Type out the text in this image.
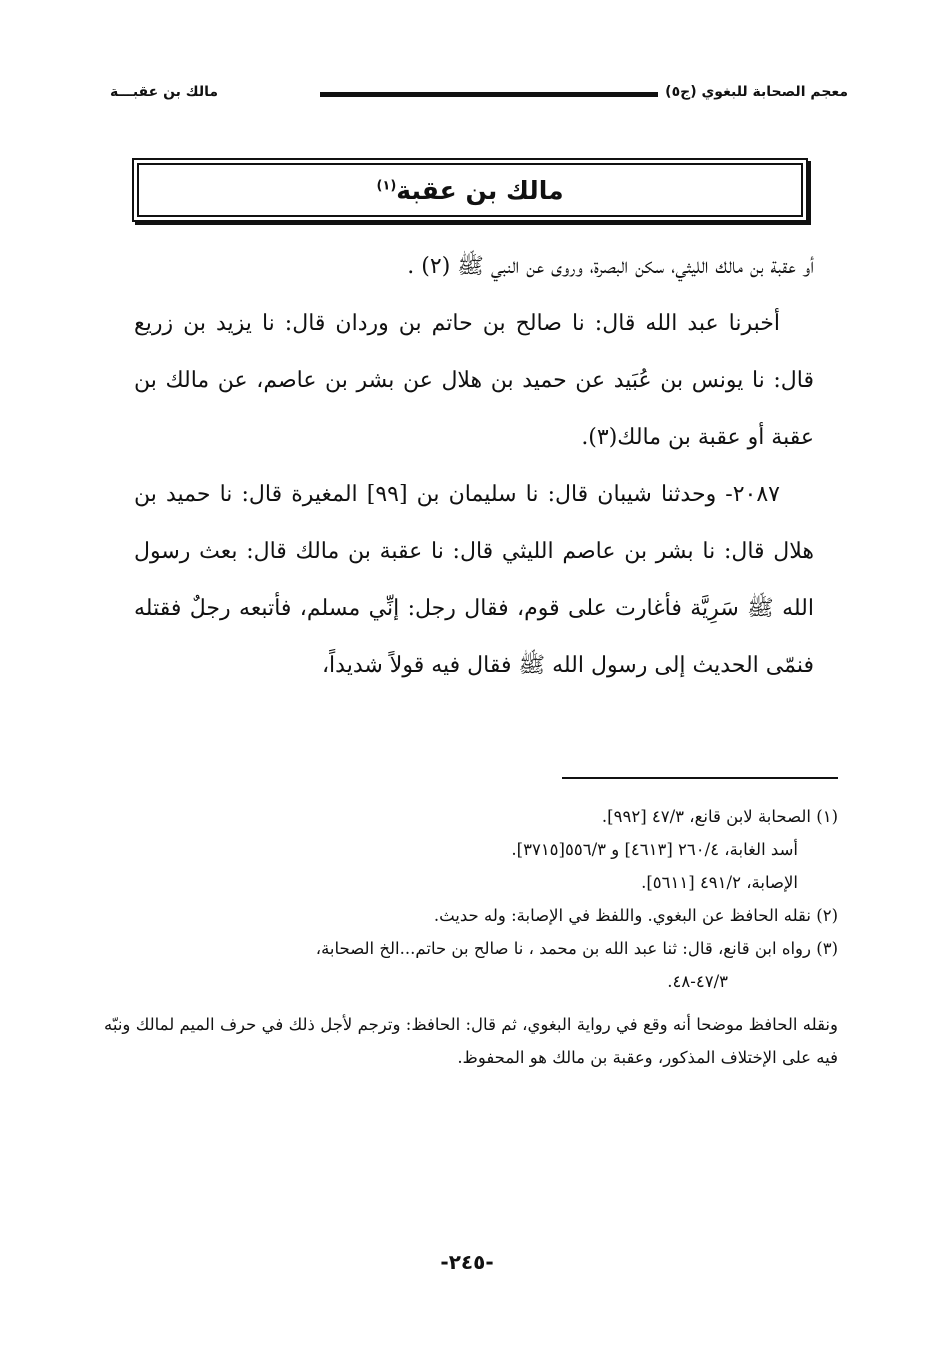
معجم الصحابة للبغوي (ج٥)
مالك بن عقبـــة
مالك بن عقبة$^{(١)}$

أو عقبة بن مالك الليثي، سكن البصرة، وروى عن النبي ﷺ (٢) .

أخبرنا عبد الله قال: نا صالح بن حاتم بن وردان قال: نا يزيد بن زريع قال: نا يونس بن عُبَيد عن حميد بن هلال عن بشر بن عاصم، عن مالك بن عقبة أو عقبة بن مالك(٣).

٢٠٨٧- وحدثنا شيبان قال: نا سليمان بن [٩٩] المغيرة قال: نا حميد بن هلال قال: نا بشر بن عاصم الليثي قال: نا عقبة بن مالك قال: بعث رسول الله ﷺ سَرِيَّة فأغارت على قوم، فقال رجل: إنِّي مسلم، فأتبعه رجلٌ فقتله فنمّى الحديث إلى رسول الله ﷺ فقال فيه قولاً شديداً،

(١) الصحابة لابن قانع، ٤٧/٣ [٩٩٢].

أسد الغابة، ٢٦٠/٤ [٤٦١٣] و ٥٥٦/٣[٣٧١٥].

الإصابة، ٤٩١/٢ [٥٦١١].

(٢) نقله الحافظ عن البغوي. واللفظ في الإصابة: وله حديث.

(٣) رواه ابن قانع، قال: ثنا عبد الله بن محمد ، نا صالح بن حاتم...الخ الصحابة،

٤٧/٣-٤٨.

ونقله الحافظ موضحا أنه وقع في رواية البغوي، ثم قال: الحافظ: وترجم لأجل ذلك في حرف الميم لمالك ونبّه فيه على الإختلاف المذكور، وعقبة بن مالك هو المحفوظ.

-٢٤٥-
